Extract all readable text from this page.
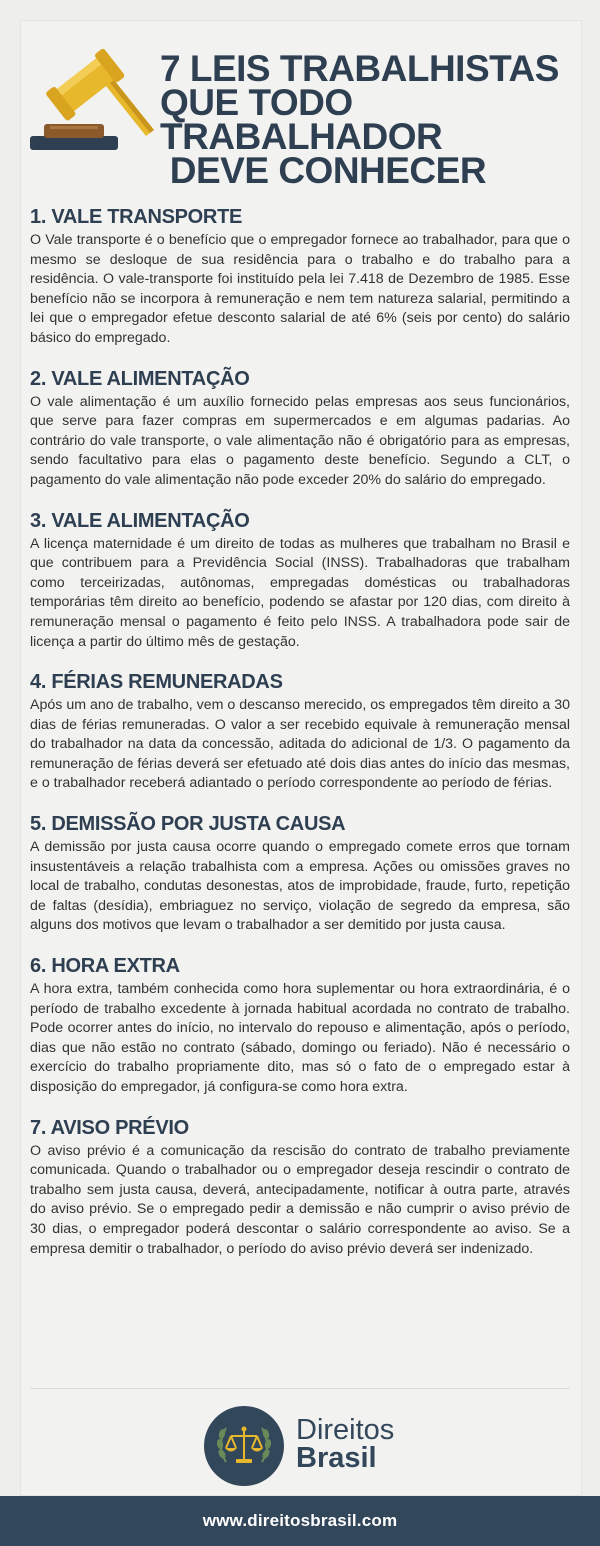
7 LEIS TRABALHISTAS
QUE TODO TRABALHADOR
DEVE CONHECER
1. VALE TRANSPORTE

O Vale transporte é o benefício que o empregador fornece ao trabalhador, para que o mesmo se desloque de sua residência para o trabalho e do trabalho para a residência. O vale-transporte foi instituído pela lei 7.418 de Dezembro de 1985. Esse benefício não se incorpora à remuneração e nem tem natureza salarial, permitindo a lei que o empregador efetue desconto salarial de até 6% (seis por cento) do salário básico do empregado.

2. VALE ALIMENTAÇÃO

O vale alimentação é um auxílio fornecido pelas empresas aos seus funcionários, que serve para fazer compras em supermercados e em algumas padarias. Ao contrário do vale transporte, o vale alimentação não é obrigatório para as empresas, sendo facultativo para elas o pagamento deste benefício. Segundo a CLT, o pagamento do vale alimentação não pode exceder 20% do salário do empregado.

3. VALE ALIMENTAÇÃO

A licença maternidade é um direito de todas as mulheres que trabalham no Brasil e que contribuem para a Previdência Social (INSS). Trabalhadoras que trabalham como terceirizadas, autônomas, empregadas domésticas ou trabalhadoras temporárias têm direito ao benefício, podendo se afastar por 120 dias, com direito à remuneração mensal o pagamento é feito pelo INSS. A trabalhadora pode sair de licença a partir do último mês de gestação.

4. FÉRIAS REMUNERADAS

Após um ano de trabalho, vem o descanso merecido, os empregados têm direito a 30 dias de férias remuneradas. O valor a ser recebido equivale à remuneração mensal do trabalhador na data da concessão, aditada do adicional de 1/3. O pagamento da remuneração de férias deverá ser efetuado até dois dias antes do início das mesmas, e o trabalhador receberá adiantado o período correspondente ao período de férias.

5. DEMISSÃO POR JUSTA CAUSA

A demissão por justa causa ocorre quando o empregado comete erros que tornam insustentáveis a relação trabalhista com a empresa. Ações ou omissões graves no local de trabalho, condutas desonestas, atos de improbidade, fraude, furto, repetição de faltas (desídia), embriaguez no serviço, violação de segredo da empresa, são alguns dos motivos que levam o trabalhador a ser demitido por justa causa.

6. HORA EXTRA

A hora extra, também conhecida como hora suplementar ou hora extraordinária, é o período de trabalho excedente à jornada habitual acordada no contrato de trabalho. Pode ocorrer antes do início, no intervalo do repouso e alimentação, após o período, dias que não estão no contrato (sábado, domingo ou feriado). Não é necessário o exercício do trabalho propriamente dito, mas só o fato de o empregado estar à disposição do empregador, já configura-se como hora extra.

7. AVISO PRÉVIO

O aviso prévio é a comunicação da rescisão do contrato de trabalho previamente comunicada. Quando o trabalhador ou o empregador deseja rescindir o contrato de trabalho sem justa causa, deverá, antecipadamente, notificar à outra parte, através do aviso prévio. Se o empregado pedir a demissão e não cumprir o aviso prévio de 30 dias, o empregador poderá descontar o salário correspondente ao aviso. Se a empresa demitir o trabalhador, o período do aviso prévio deverá ser indenizado.

Direitos
Brasil
www.direitosbrasil.com
